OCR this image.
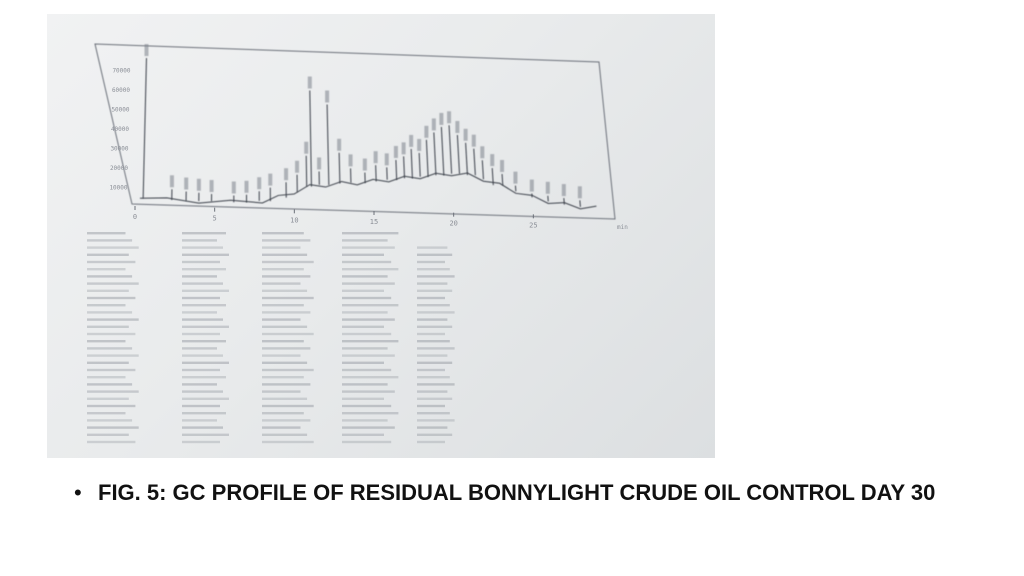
10000
20000
30000
40000
50000
60000
70000
0	5	10	15	20	25	min
• FIG. 5: GC PROFILE OF RESIDUAL BONNYLIGHT CRUDE OIL CONTROL DAY 30
